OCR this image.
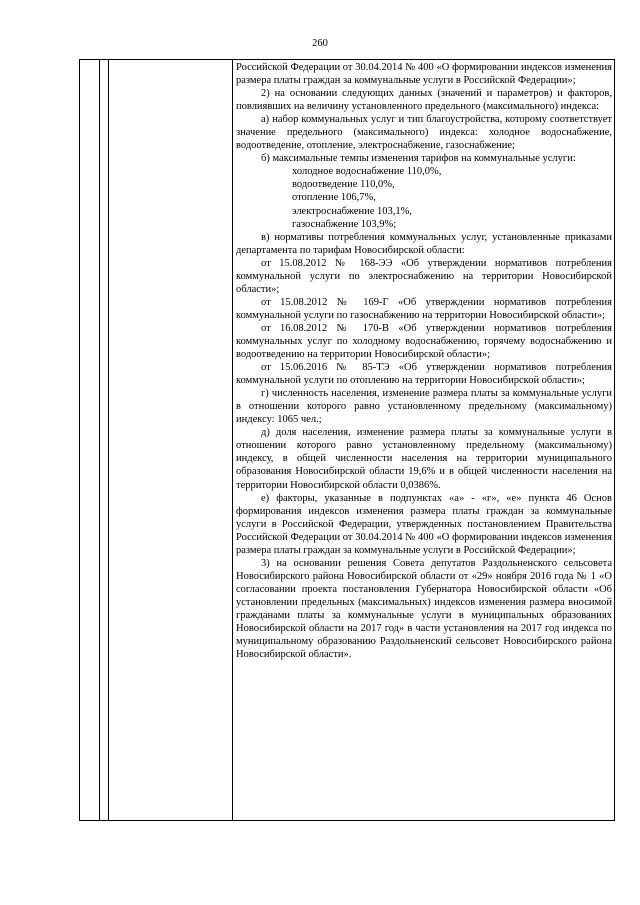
260

Российской Федерации от 30.04.2014 № 400 «О формировании индексов изменения размера платы граждан за коммунальные услуги в Российской Федерации»;

2) на основании следующих данных (значений и параметров) и факторов, повлиявших на величину установленного предельного (максимального) индекса:

а) набор коммунальных услуг и тип благоустройства, которому соответствует значение предельного (максимального) индекса: холодное водоснабжение, водоотведение, отопление, электроснабжение, газоснабжение;

б) максимальные темпы изменения тарифов на коммунальные услуги:

холодное водоснабжение 110,0%,
водоотведение 110,0%,
отопление 106,7%,
электроснабжение 103,1%,
газоснабжение 103,9%;

в) нормативы потребления коммунальных услуг, установленные приказами департамента по тарифам Новосибирской области:

от 15.08.2012 № 168-ЭЭ «Об утверждении нормативов потребления коммунальной услуги по электроснабжению на территории Новосибирской области»;

от 15.08.2012 № 169-Г «Об утверждении нормативов потребления коммунальной услуги по газоснабжению на территории Новосибирской области»;

от 16.08.2012 № 170-В «Об утверждении нормативов потребления коммунальных услуг по холодному водоснабжению, горячему водоснабжению и водоотведению на территории Новосибирской области»;

от 15.06.2016 № 85-ТЭ «Об утверждении нормативов потребления коммунальной услуги по отоплению на территории Новосибирской области»;

г) численность населения, изменение размера платы за коммунальные услуги в отношении которого равно установленному предельному (максимальному) индексу: 1065 чел.;

д) доля населения, изменение размера платы за коммунальные услуги в отношении которого равно установленному предельному (максимальному) индексу, в общей численности населения на территории муниципального образования Новосибирской области 19,6% и в общей численности населения на территории Новосибирской области 0,0386%.

е) факторы, указанные в подпунктах «а» - «г», «е» пункта 46 Основ формирования индексов изменения размера платы граждан за коммунальные услуги в Российской Федерации, утвержденных постановлением Правительства Российской Федерации от 30.04.2014 № 400 «О формировании индексов изменения размера платы граждан за коммунальные услуги в Российской Федерации»;

3) на основании решения Совета депутатов Раздольненского сельсовета Новосибирского района Новосибирской области от «29» ноября 2016 года № 1 «О согласовании проекта постановления Губернатора Новосибирской области «Об установлении предельных (максимальных) индексов изменения размера вносимой гражданами платы за коммунальные услуги в муниципальных образованиях Новосибирской области на 2017 год» в части установления на 2017 год индекса по муниципальному образованию Раздольненский сельсовет Новосибирского района Новосибирской области».
